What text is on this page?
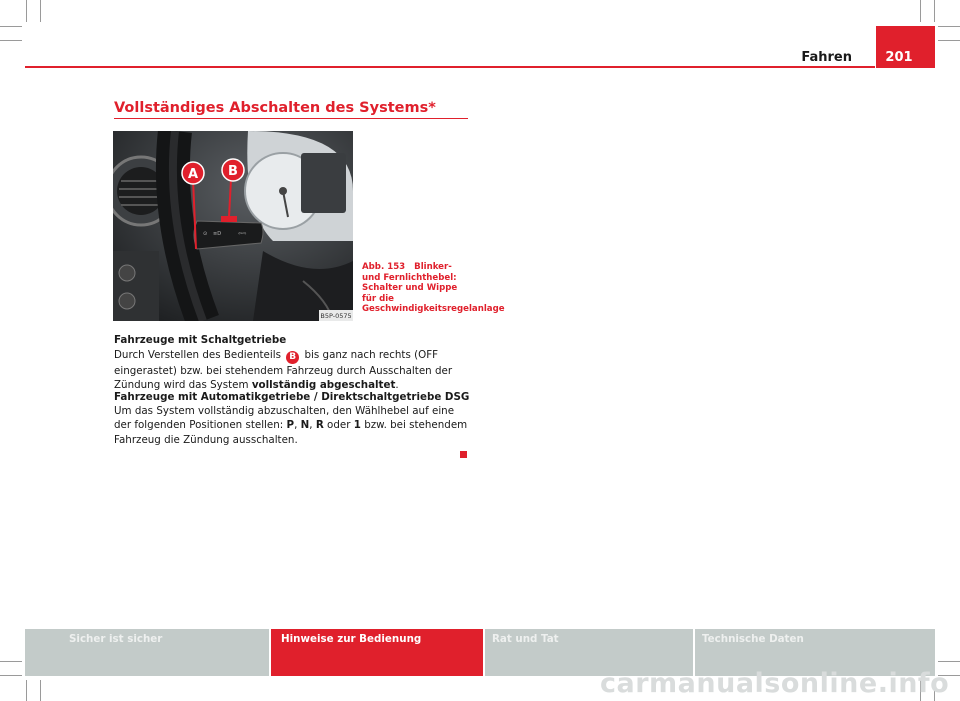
Fahren	201
Vollständiges Abschalten des Systems*
⊙ ≡D	⇦⇨
A B
B5P-0575
Abb. 153 Blinker- und Fernlichthebel: Schalter und Wippe für die Geschwindigkeitsregelanlage
Fahrzeuge mit Schaltgetriebe
Durch Verstellen des Bedienteils B bis ganz nach rechts (OFF eingerastet) bzw. bei stehendem Fahrzeug durch Ausschalten der Zündung wird das System vollständig abgeschaltet.
Fahrzeuge mit Automatikgetriebe / Direktschaltgetriebe DSG
Um das System vollständig abzuschalten, den Wählhebel auf eine der folgenden Positionen stellen: P, N, R oder 1 bzw. bei stehendem Fahrzeug die Zündung ausschalten.
Sicher ist sicher	Hinweise zur Bedienung	Rat und Tat	Technische Daten
carmanualsonline.info
